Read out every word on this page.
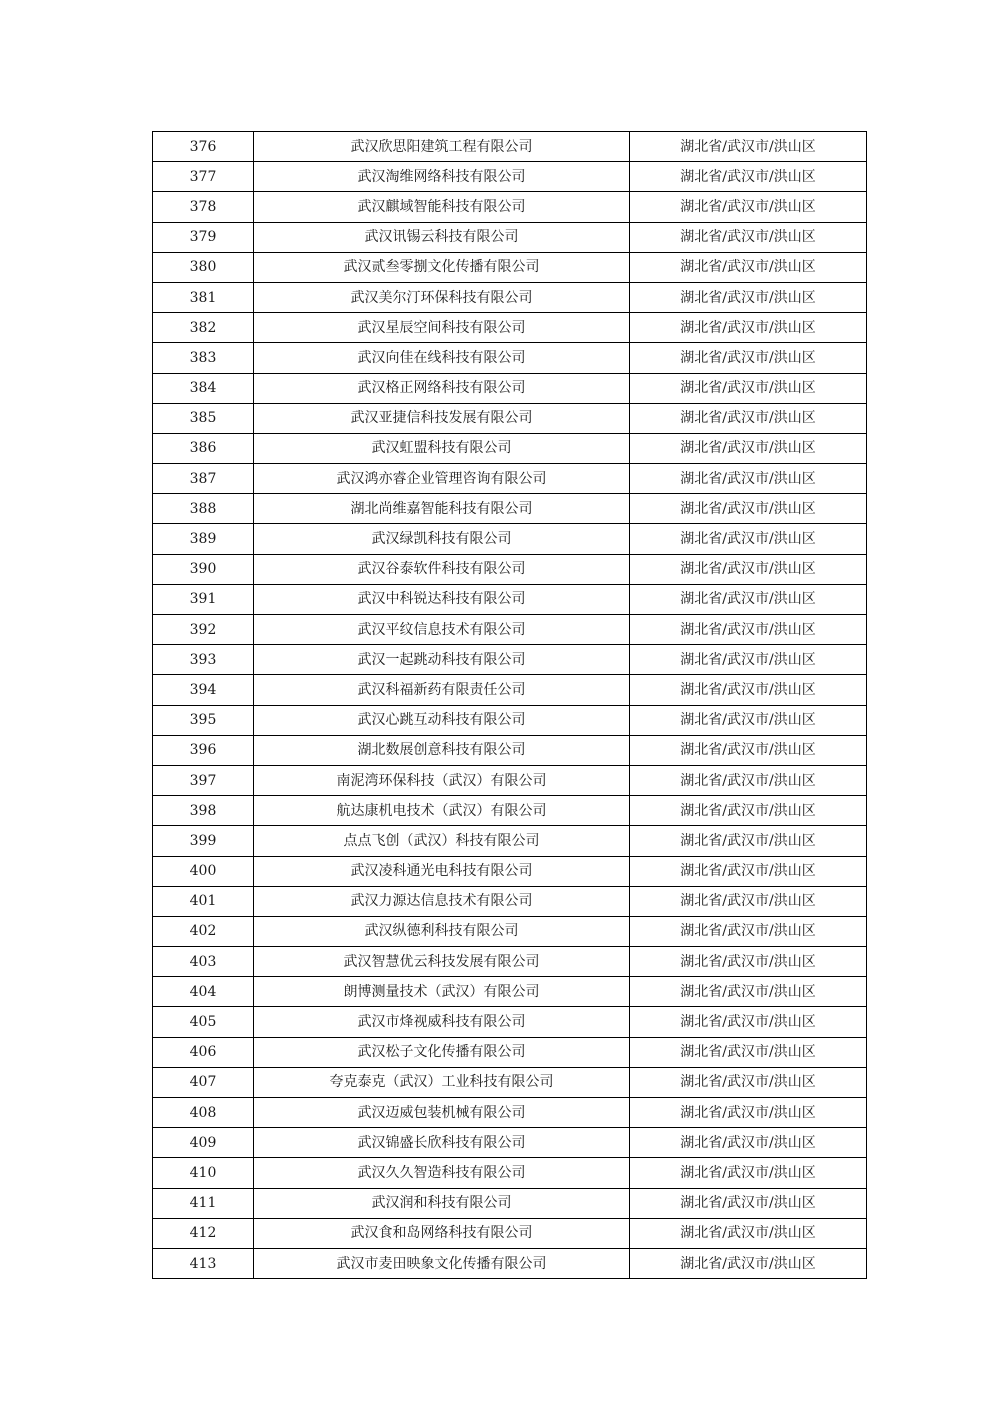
376	武汉欣思阳建筑工程有限公司	湖北省/武汉市/洪山区
377	武汉淘维网络科技有限公司	湖北省/武汉市/洪山区
378	武汉麒域智能科技有限公司	湖北省/武汉市/洪山区
379	武汉讯锡云科技有限公司	湖北省/武汉市/洪山区
380	武汉贰叁零捌文化传播有限公司	湖北省/武汉市/洪山区
381	武汉美尔汀环保科技有限公司	湖北省/武汉市/洪山区
382	武汉星辰空间科技有限公司	湖北省/武汉市/洪山区
383	武汉向佳在线科技有限公司	湖北省/武汉市/洪山区
384	武汉格正网络科技有限公司	湖北省/武汉市/洪山区
385	武汉亚捷信科技发展有限公司	湖北省/武汉市/洪山区
386	武汉虹盟科技有限公司	湖北省/武汉市/洪山区
387	武汉鸿亦睿企业管理咨询有限公司	湖北省/武汉市/洪山区
388	湖北尚维嘉智能科技有限公司	湖北省/武汉市/洪山区
389	武汉绿凯科技有限公司	湖北省/武汉市/洪山区
390	武汉谷泰软件科技有限公司	湖北省/武汉市/洪山区
391	武汉中科锐达科技有限公司	湖北省/武汉市/洪山区
392	武汉平纹信息技术有限公司	湖北省/武汉市/洪山区
393	武汉一起跳动科技有限公司	湖北省/武汉市/洪山区
394	武汉科福新药有限责任公司	湖北省/武汉市/洪山区
395	武汉心跳互动科技有限公司	湖北省/武汉市/洪山区
396	湖北数展创意科技有限公司	湖北省/武汉市/洪山区
397	南泥湾环保科技（武汉）有限公司	湖北省/武汉市/洪山区
398	航达康机电技术（武汉）有限公司	湖北省/武汉市/洪山区
399	点点飞创（武汉）科技有限公司	湖北省/武汉市/洪山区
400	武汉凌科通光电科技有限公司	湖北省/武汉市/洪山区
401	武汉力源达信息技术有限公司	湖北省/武汉市/洪山区
402	武汉纵德利科技有限公司	湖北省/武汉市/洪山区
403	武汉智慧优云科技发展有限公司	湖北省/武汉市/洪山区
404	朗博测量技术（武汉）有限公司	湖北省/武汉市/洪山区
405	武汉市烽视威科技有限公司	湖北省/武汉市/洪山区
406	武汉松子文化传播有限公司	湖北省/武汉市/洪山区
407	夸克泰克（武汉）工业科技有限公司	湖北省/武汉市/洪山区
408	武汉迈威包装机械有限公司	湖北省/武汉市/洪山区
409	武汉锦盛长欣科技有限公司	湖北省/武汉市/洪山区
410	武汉久久智造科技有限公司	湖北省/武汉市/洪山区
411	武汉润和科技有限公司	湖北省/武汉市/洪山区
412	武汉食和岛网络科技有限公司	湖北省/武汉市/洪山区
413	武汉市麦田映象文化传播有限公司	湖北省/武汉市/洪山区
